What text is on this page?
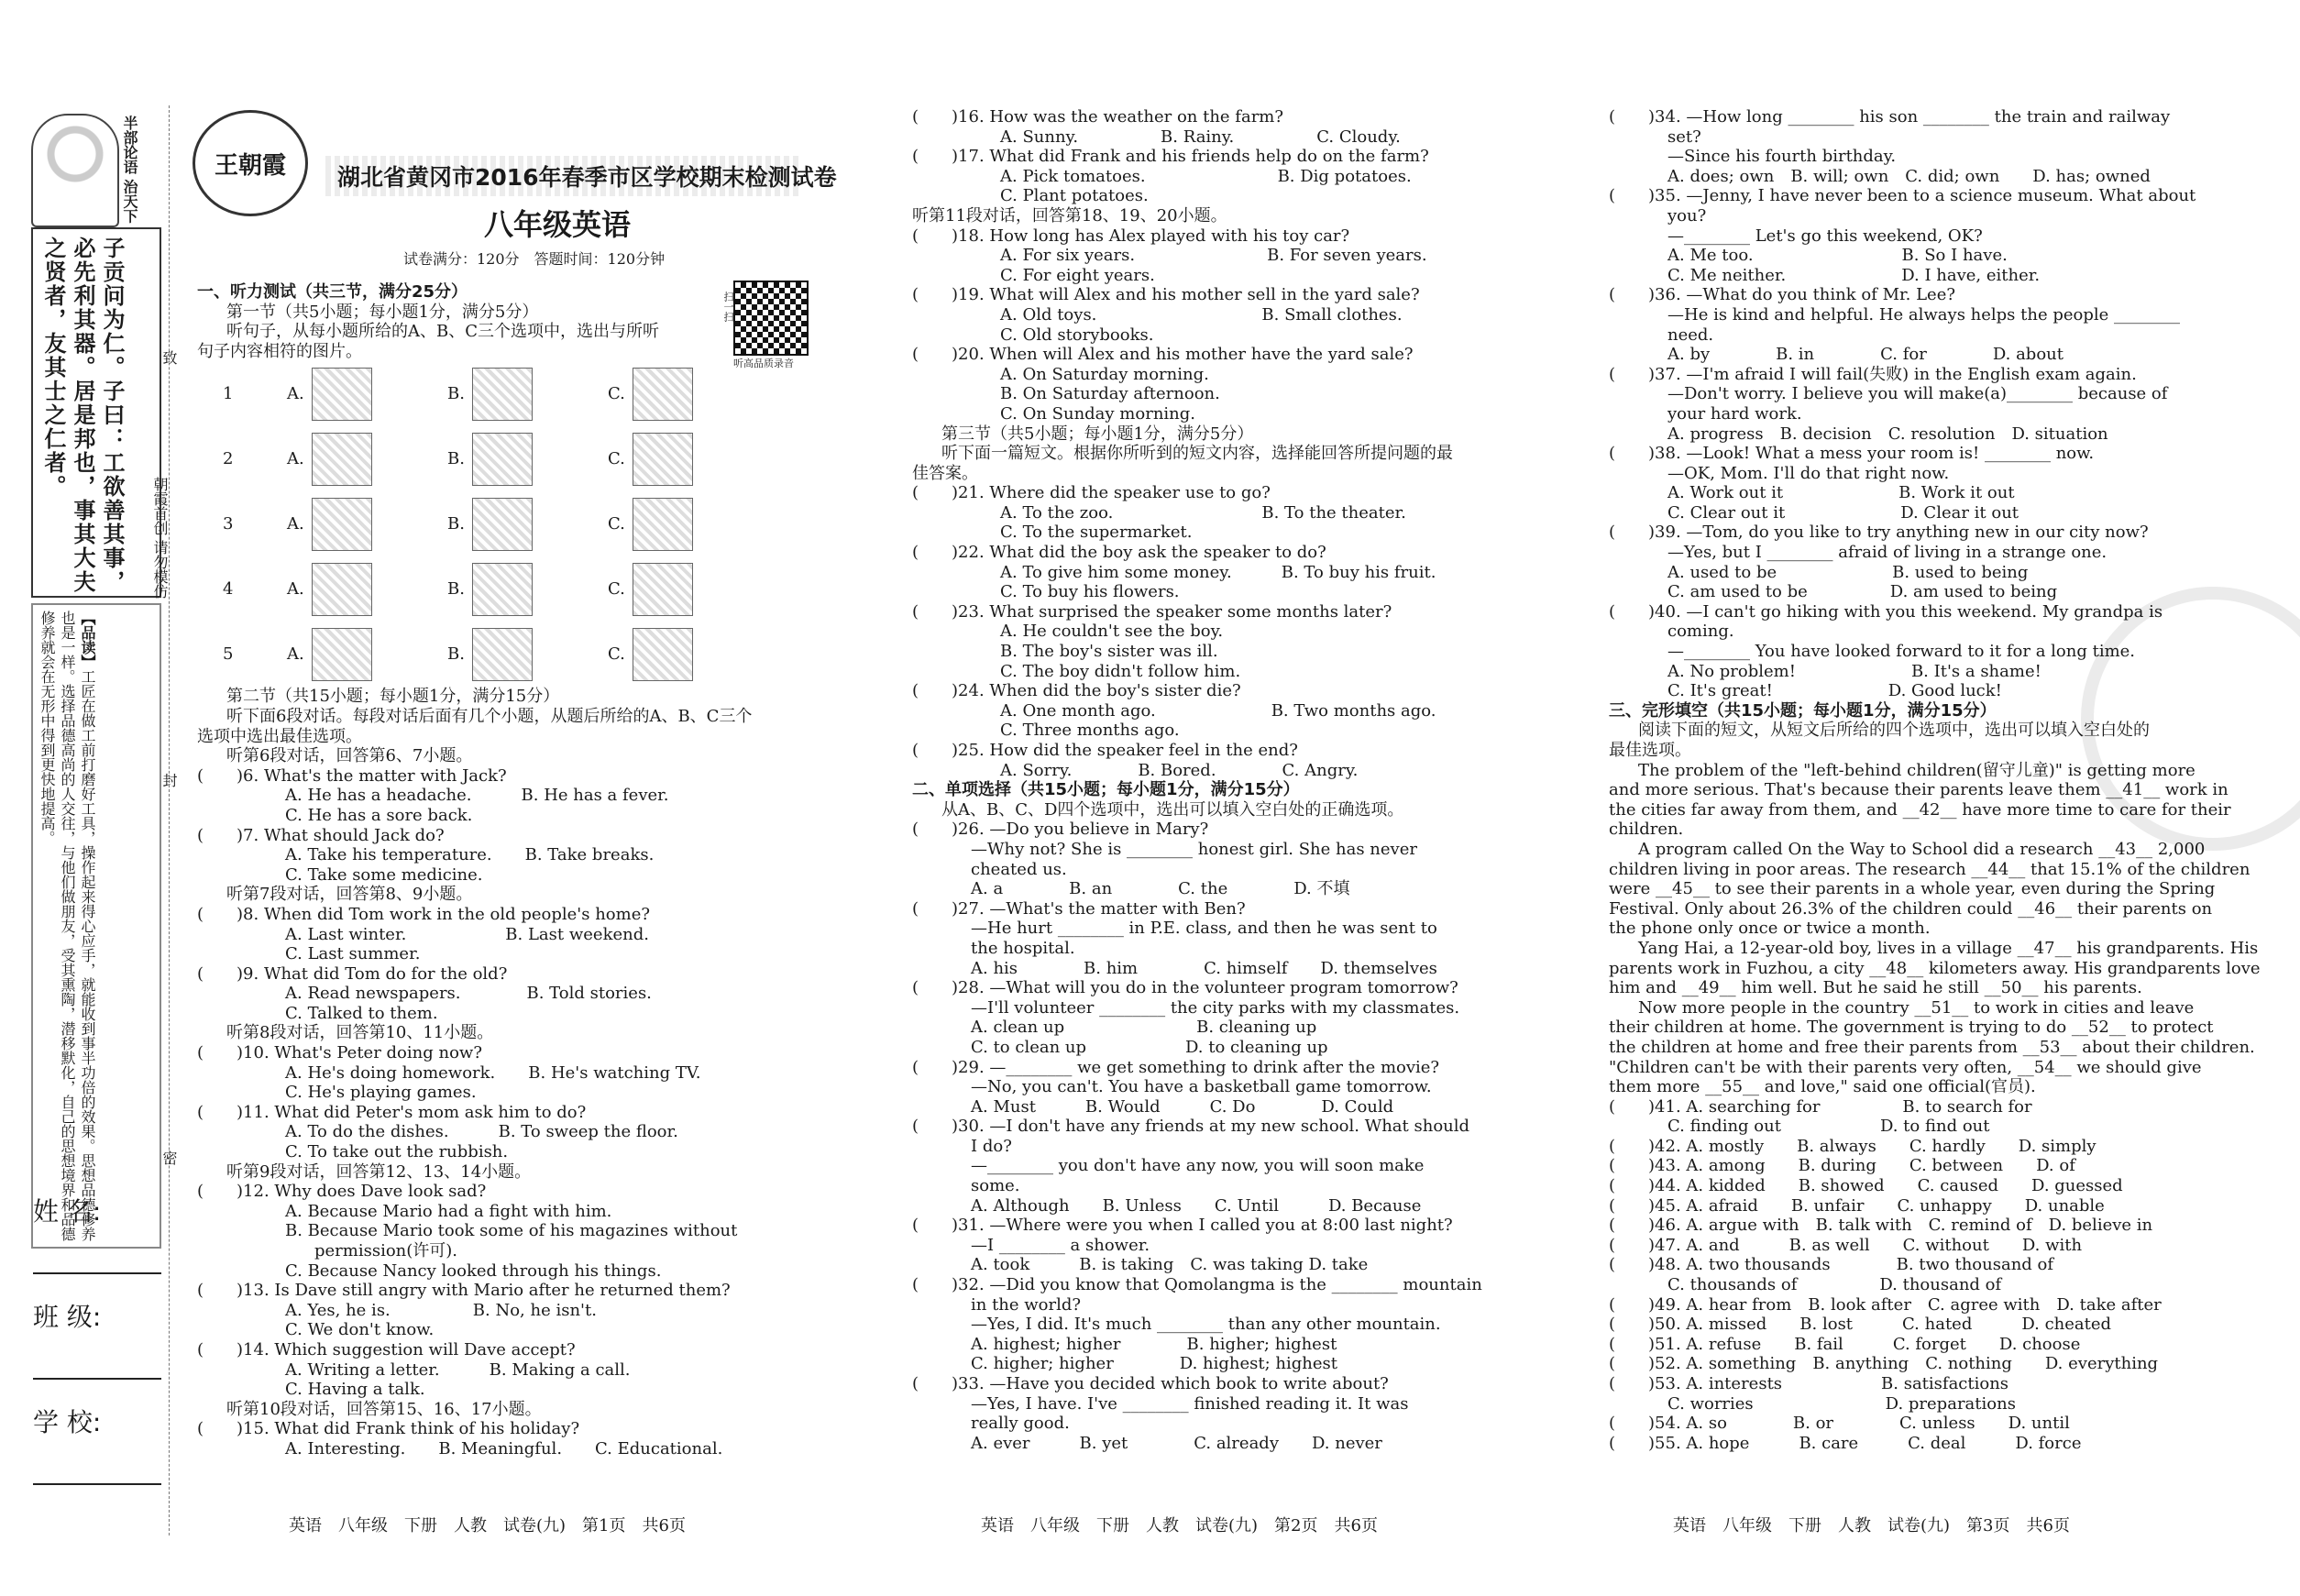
半部论语 治天下
子贡问为仁。子曰：工欲善其事，必先利其器。居是邦也，事其大夫之贤者，友其士之仁者。
【品读】工匠在做工前打磨好工具，操作起来得心应手，就能收到事半功倍的效果。思想品德修养也是一样。选择品德高尚的人交往，与他们做朋友，受其熏陶，潜移默化，自己的思想境界和品德修养就会在无形中得到更快地提高。
致
朝霞首创 请勿模仿
封
密
姓 名:
班 级:
学 校:
王朝霞 湖北省黄冈市2016年春季市区学校期末检测试卷
八年级英语
试卷满分：120分　答题时间：120分钟
扫一扫
听高品质录音
一、听力测试（共三节，满分25分）
第一节（共5小题；每小题1分，满分5分）
听句子，从每小题所给的A、B、C三个选项中，选出与所听
句子内容相符的图片。
1	A.	B.	C.
2	A.	B.	C.
3	A.	B.	C.
4	A.	B.	C.
5	A.	B.	C.
第二节（共15小题；每小题1分，满分15分）
听下面6段对话。每段对话后面有几个小题，从题后所给的A、B、C三个
选项中选出最佳选项。
听第6段对话，回答第6、7小题。
(　　)6. What's the matter with Jack?
A. He has a headache.　　　B. He has a fever.
C. He has a sore back.
(　　)7. What should Jack do?
A. Take his temperature.　　B. Take breaks.
C. Take some medicine.
听第7段对话，回答第8、9小题。
(　　)8. When did Tom work in the old people's home?
A. Last winter.　　　　　　B. Last weekend.
C. Last summer.
(　　)9. What did Tom do for the old?
A. Read newspapers.　　　　B. Told stories.
C. Talked to them.
听第8段对话，回答第10、11小题。
(　　)10. What's Peter doing now?
A. He's doing homework.　　B. He's watching TV.
C. He's playing games.
(　　)11. What did Peter's mom ask him to do?
A. To do the dishes.　　　B. To sweep the floor.
C. To take out the rubbish.
听第9段对话，回答第12、13、14小题。
(　　)12. Why does Dave look sad?
A. Because Mario had a fight with him.
B. Because Mario took some of his magazines without
permission(许可).
C. Because Nancy looked through his things.
(　　)13. Is Dave still angry with Mario after he returned them?
A. Yes, he is.　　　　　B. No, he isn't.
C. We don't know.
(　　)14. Which suggestion will Dave accept?
A. Writing a letter.　　　B. Making a call.
C. Having a talk.
听第10段对话，回答第15、16、17小题。
(　　)15. What did Frank think of his holiday?
A. Interesting.　　B. Meaningful.　　C. Educational.
英语　八年级　下册　人教　试卷(九)　第1页　共6页
(　　)16. How was the weather on the farm?
A. Sunny.　　　　　B. Rainy.　　　　　C. Cloudy.
(　　)17. What did Frank and his friends help do on the farm?
A. Pick tomatoes.　　　　　　　　B. Dig potatoes.
C. Plant potatoes.
听第11段对话，回答第18、19、20小题。
(　　)18. How long has Alex played with his toy car?
A. For six years.　　　　　　　　B. For seven years.
C. For eight years.
(　　)19. What will Alex and his mother sell in the yard sale?
A. Old toys.　　　　　　　　　　B. Small clothes.
C. Old storybooks.
(　　)20. When will Alex and his mother have the yard sale?
A. On Saturday morning.
B. On Saturday afternoon.
C. On Sunday morning.
第三节（共5小题；每小题1分，满分5分）
听下面一篇短文。根据你所听到的短文内容，选择能回答所提问题的最
佳答案。
(　　)21. Where did the speaker use to go?
A. To the zoo.　　　　　　　　　B. To the theater.
C. To the supermarket.
(　　)22. What did the boy ask the speaker to do?
A. To give him some money.　　　B. To buy his fruit.
C. To buy his flowers.
(　　)23. What surprised the speaker some months later?
A. He couldn't see the boy.
B. The boy's sister was ill.
C. The boy didn't follow him.
(　　)24. When did the boy's sister die?
A. One month ago.　　　　　　　B. Two months ago.
C. Three months ago.
(　　)25. How did the speaker feel in the end?
A. Sorry.　　　　B. Bored.　　　　C. Angry.
二、单项选择（共15小题；每小题1分，满分15分）
从A、B、C、D四个选项中，选出可以填入空白处的正确选项。
(　　)26. —Do you believe in Mary?
—Why not? She is ________ honest girl. She has never
cheated us.
A. a　　　　B. an　　　　C. the　　　　D. 不填
(　　)27. —What's the matter with Ben?
—He hurt ________ in P.E. class, and then he was sent to
the hospital.
A. his　　　　B. him　　　　C. himself　　D. themselves
(　　)28. —What will you do in the volunteer program tomorrow?
—I'll volunteer ________ the city parks with my classmates.
A. clean up　　　　　　　　B. cleaning up
C. to clean up　　　　　　D. to cleaning up
(　　)29. —________ we get something to drink after the movie?
—No, you can't. You have a basketball game tomorrow.
A. Must　　　B. Would　　　C. Do　　　　D. Could
(　　)30. —I don't have any friends at my new school. What should
I do?
—________ you don't have any now, you will soon make
some.
A. Although　　B. Unless　　C. Until　　　D. Because
(　　)31. —Where were you when I called you at 8:00 last night?
—I ________ a shower.
A. took　　　B. is taking　C. was taking D. take
(　　)32. —Did you know that Qomolangma is the ________ mountain
in the world?
—Yes, I did. It's much ________ than any other mountain.
A. highest; higher　　　　B. higher; highest
C. higher; higher　　　　D. highest; highest
(　　)33. —Have you decided which book to write about?
—Yes, I have. I've ________ finished reading it. It was
really good.
A. ever　　　B. yet　　　　C. already　　D. never
英语　八年级　下册　人教　试卷(九)　第2页　共6页
(　　)34. —How long ________ his son ________ the train and railway
set?
—Since his fourth birthday.
A. does; own　B. will; own　C. did; own　　D. has; owned
(　　)35. —Jenny, I have never been to a science museum. What about
you?
—________ Let's go this weekend, OK?
A. Me too.　　　　　　　　　B. So I have.
C. Me neither.　　　　　　　D. I have, either.
(　　)36. —What do you think of Mr. Lee?
—He is kind and helpful. He always helps the people ________
need.
A. by　　　　B. in　　　　C. for　　　　D. about
(　　)37. —I'm afraid I will fail(失败) in the English exam again.
—Don't worry. I believe you will make(a)________ because of
your hard work.
A. progress　B. decision　C. resolution　D. situation
(　　)38. —Look! What a mess your room is! ________ now.
—OK, Mom. I'll do that right now.
A. Work out it　　　　　　　B. Work it out
C. Clear out it　　　　　　　D. Clear it out
(　　)39. —Tom, do you like to try anything new in our city now?
—Yes, but I ________ afraid of living in a strange one.
A. used to be　　　　　　　B. used to being
C. am used to be　　　　　D. am used to being
(　　)40. —I can't go hiking with you this weekend. My grandpa is
coming.
—________ You have looked forward to it for a long time.
A. No problem!　　　　　　　B. It's a shame!
C. It's great!　　　　　　　D. Good luck!
三、完形填空（共15小题；每小题1分，满分15分）
阅读下面的短文，从短文后所给的四个选项中，选出可以填入空白处的
最佳选项。
The problem of the "left-behind children(留守儿童)" is getting more
and more serious. That's because their parents leave them __41__ work in
the cities far away from them, and __42__ have more time to care for their
children.
A program called On the Way to School did a research __43__ 2,000
children living in poor areas. The research __44__ that 15.1% of the children
were __45__ to see their parents in a whole year, even during the Spring
Festival. Only about 26.3% of the children could __46__ their parents on
the phone only once or twice a month.
Yang Hai, a 12-year-old boy, lives in a village __47__ his grandparents. His
parents work in Fuzhou, a city __48__ kilometers away. His grandparents love
him and __49__ him well. But he said he still __50__ his parents.
Now more people in the country __51__ to work in cities and leave
their children at home. The government is trying to do __52__ to protect
the children at home and free their parents from __53__ about their children.
"Children can't be with their parents very often, __54__ we should give
them more __55__ and love," said one official(官员).
(　　)41. A. searching for　　　　　B. to search for
C. finding out　　　　　　D. to find out
(　　)42. A. mostly　　B. always　　C. hardly　　D. simply
(　　)43. A. among　　B. during　　C. between　　D. of
(　　)44. A. kidded　　B. showed　　C. caused　　D. guessed
(　　)45. A. afraid　　B. unfair　　C. unhappy　　D. unable
(　　)46. A. argue with　B. talk with　C. remind of　D. believe in
(　　)47. A. and　　　B. as well　　C. without　　D. with
(　　)48. A. two thousands　　　　B. two thousand of
C. thousands of　　　　　D. thousand of
(　　)49. A. hear from　B. look after　C. agree with　D. take after
(　　)50. A. missed　　B. lost　　　C. hated　　　D. cheated
(　　)51. A. refuse　　B. fail　　　C. forget　　D. choose
(　　)52. A. something　B. anything　C. nothing　　D. everything
(　　)53. A. interests　　　　　　B. satisfactions
C. worries　　　　　　　　D. preparations
(　　)54. A. so　　　　B. or　　　　C. unless　　D. until
(　　)55. A. hope　　　B. care　　　C. deal　　　D. force
英语　八年级　下册　人教　试卷(九)　第3页　共6页
